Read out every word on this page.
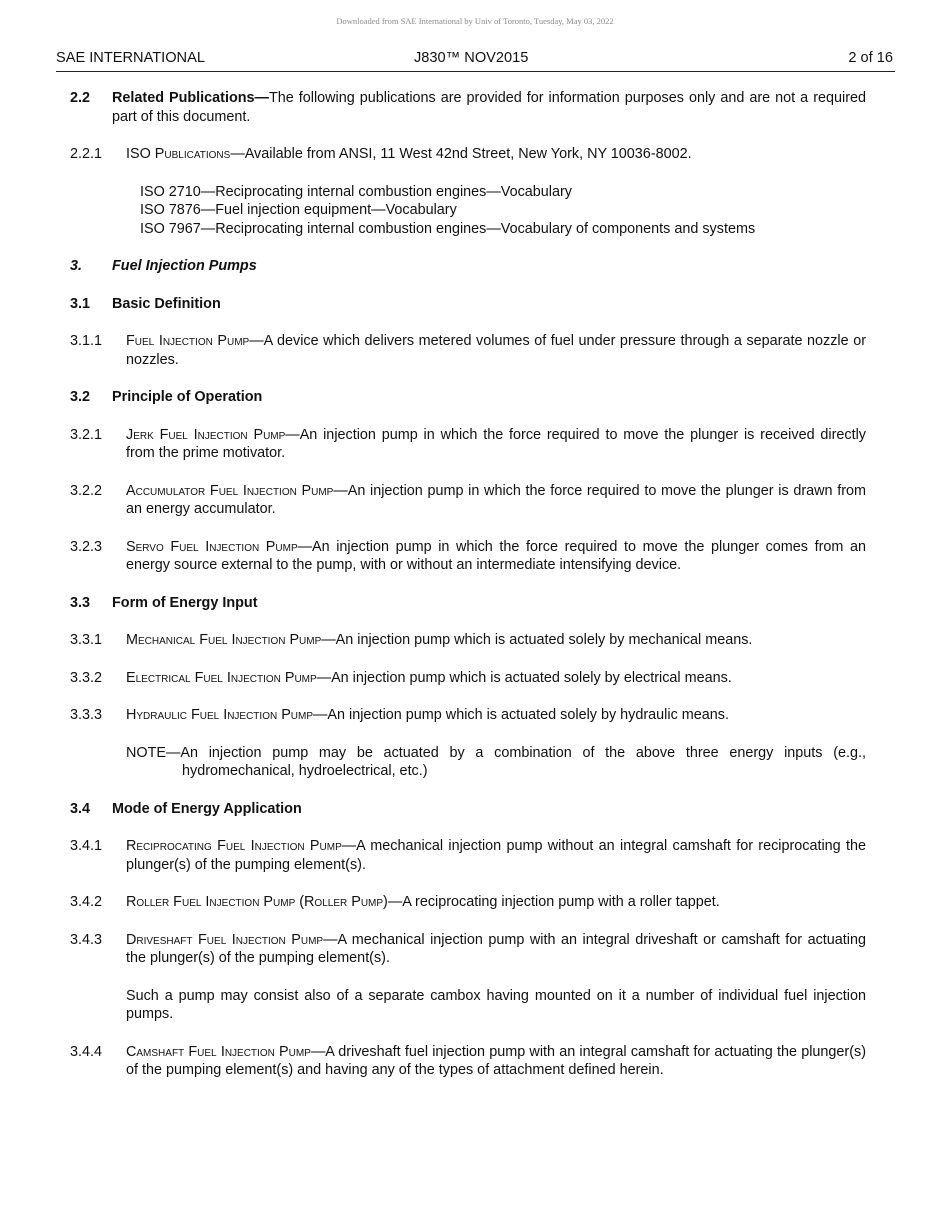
Downloaded from SAE International by Univ of Toronto, Tuesday, May 03, 2022
SAE INTERNATIONAL	J830™ NOV2015	2 of 16
2.2 Related Publications—The following publications are provided for information purposes only and are not a required part of this document.
2.2.1 ISO Publications—Available from ANSI, 11 West 42nd Street, New York, NY 10036-8002.
ISO 2710—Reciprocating internal combustion engines—Vocabulary
ISO 7876—Fuel injection equipment—Vocabulary
ISO 7967—Reciprocating internal combustion engines—Vocabulary of components and systems
3. Fuel Injection Pumps
3.1 Basic Definition
3.1.1 Fuel Injection Pump—A device which delivers metered volumes of fuel under pressure through a separate nozzle or nozzles.
3.2 Principle of Operation
3.2.1 Jerk Fuel Injection Pump—An injection pump in which the force required to move the plunger is received directly from the prime motivator.
3.2.2 Accumulator Fuel Injection Pump—An injection pump in which the force required to move the plunger is drawn from an energy accumulator.
3.2.3 Servo Fuel Injection Pump—An injection pump in which the force required to move the plunger comes from an energy source external to the pump, with or without an intermediate intensifying device.
3.3 Form of Energy Input
3.3.1 Mechanical Fuel Injection Pump—An injection pump which is actuated solely by mechanical means.
3.3.2 Electrical Fuel Injection Pump—An injection pump which is actuated solely by electrical means.
3.3.3 Hydraulic Fuel Injection Pump—An injection pump which is actuated solely by hydraulic means.
NOTE—An injection pump may be actuated by a combination of the above three energy inputs (e.g., hydromechanical, hydroelectrical, etc.)
3.4 Mode of Energy Application
3.4.1 Reciprocating Fuel Injection Pump—A mechanical injection pump without an integral camshaft for reciprocating the plunger(s) of the pumping element(s).
3.4.2 Roller Fuel Injection Pump (Roller Pump)—A reciprocating injection pump with a roller tappet.
3.4.3 Driveshaft Fuel Injection Pump—A mechanical injection pump with an integral driveshaft or camshaft for actuating the plunger(s) of the pumping element(s).
Such a pump may consist also of a separate cambox having mounted on it a number of individual fuel injection pumps.
3.4.4 Camshaft Fuel Injection Pump—A driveshaft fuel injection pump with an integral camshaft for actuating the plunger(s) of the pumping element(s) and having any of the types of attachment defined herein.
